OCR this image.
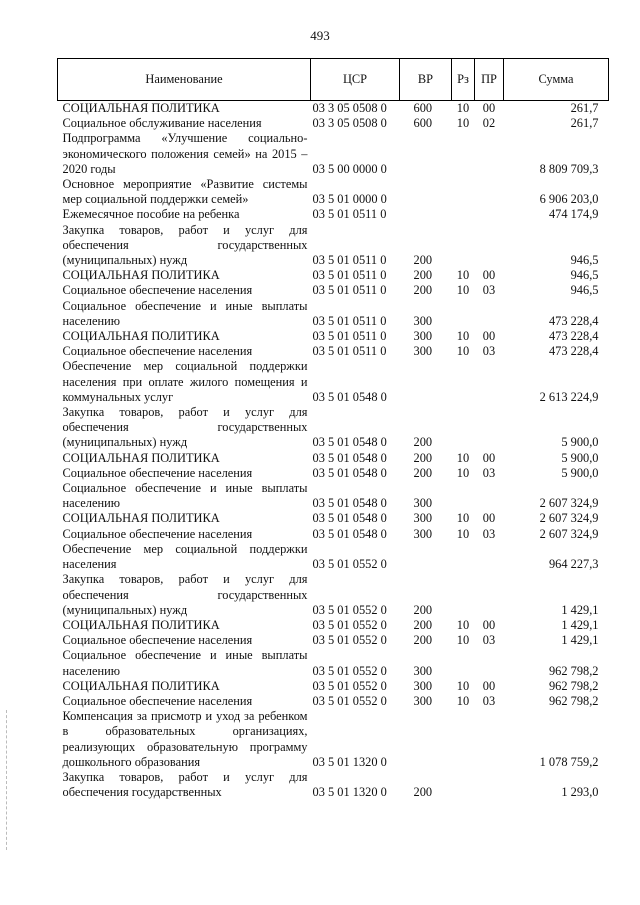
493
Наименование	ЦСР	ВР	Рз	ПР	Сумма
СОЦИАЛЬНАЯ ПОЛИТИКА	03 3 05 0508 0	600	10	00	261,7
Социальное обслуживание населения	03 3 05 0508 0	600	10	02	261,7
Подпрограмма «Улучшение социально-экономического положения семей» на 2015 – 2020 годы	03 5 00 0000 0				8 809 709,3
Основное мероприятие «Развитие системы мер социальной поддержки семей»	03 5 01 0000 0				6 906 203,0
Ежемесячное пособие на ребенка	03 5 01 0511 0				474 174,9
Закупка товаров, работ и услуг для обеспечения государственных (муниципальных) нужд	03 5 01 0511 0	200			946,5
СОЦИАЛЬНАЯ ПОЛИТИКА	03 5 01 0511 0	200	10	00	946,5
Социальное обеспечение населения	03 5 01 0511 0	200	10	03	946,5
Социальное обеспечение и иные выплаты населению	03 5 01 0511 0	300			473 228,4
СОЦИАЛЬНАЯ ПОЛИТИКА	03 5 01 0511 0	300	10	00	473 228,4
Социальное обеспечение населения	03 5 01 0511 0	300	10	03	473 228,4
Обеспечение мер социальной поддержки населения при оплате жилого помещения и коммунальных услуг	03 5 01 0548 0				2 613 224,9
Закупка товаров, работ и услуг для обеспечения государственных (муниципальных) нужд	03 5 01 0548 0	200			5 900,0
СОЦИАЛЬНАЯ ПОЛИТИКА	03 5 01 0548 0	200	10	00	5 900,0
Социальное обеспечение населения	03 5 01 0548 0	200	10	03	5 900,0
Социальное обеспечение и иные выплаты населению	03 5 01 0548 0	300			2 607 324,9
СОЦИАЛЬНАЯ ПОЛИТИКА	03 5 01 0548 0	300	10	00	2 607 324,9
Социальное обеспечение населения	03 5 01 0548 0	300	10	03	2 607 324,9
Обеспечение мер социальной поддержки населения	03 5 01 0552 0				964 227,3
Закупка товаров, работ и услуг для обеспечения государственных (муниципальных) нужд	03 5 01 0552 0	200			1 429,1
СОЦИАЛЬНАЯ ПОЛИТИКА	03 5 01 0552 0	200	10	00	1 429,1
Социальное обеспечение населения	03 5 01 0552 0	200	10	03	1 429,1
Социальное обеспечение и иные выплаты населению	03 5 01 0552 0	300			962 798,2
СОЦИАЛЬНАЯ ПОЛИТИКА	03 5 01 0552 0	300	10	00	962 798,2
Социальное обеспечение населения	03 5 01 0552 0	300	10	03	962 798,2
Компенсация за присмотр и уход за ребенком в образовательных организациях, реализующих образовательную программу дошкольного образования	03 5 01 1320 0				1 078 759,2
Закупка товаров, работ и услуг для обеспечения государственных	03 5 01 1320 0	200			1 293,0
